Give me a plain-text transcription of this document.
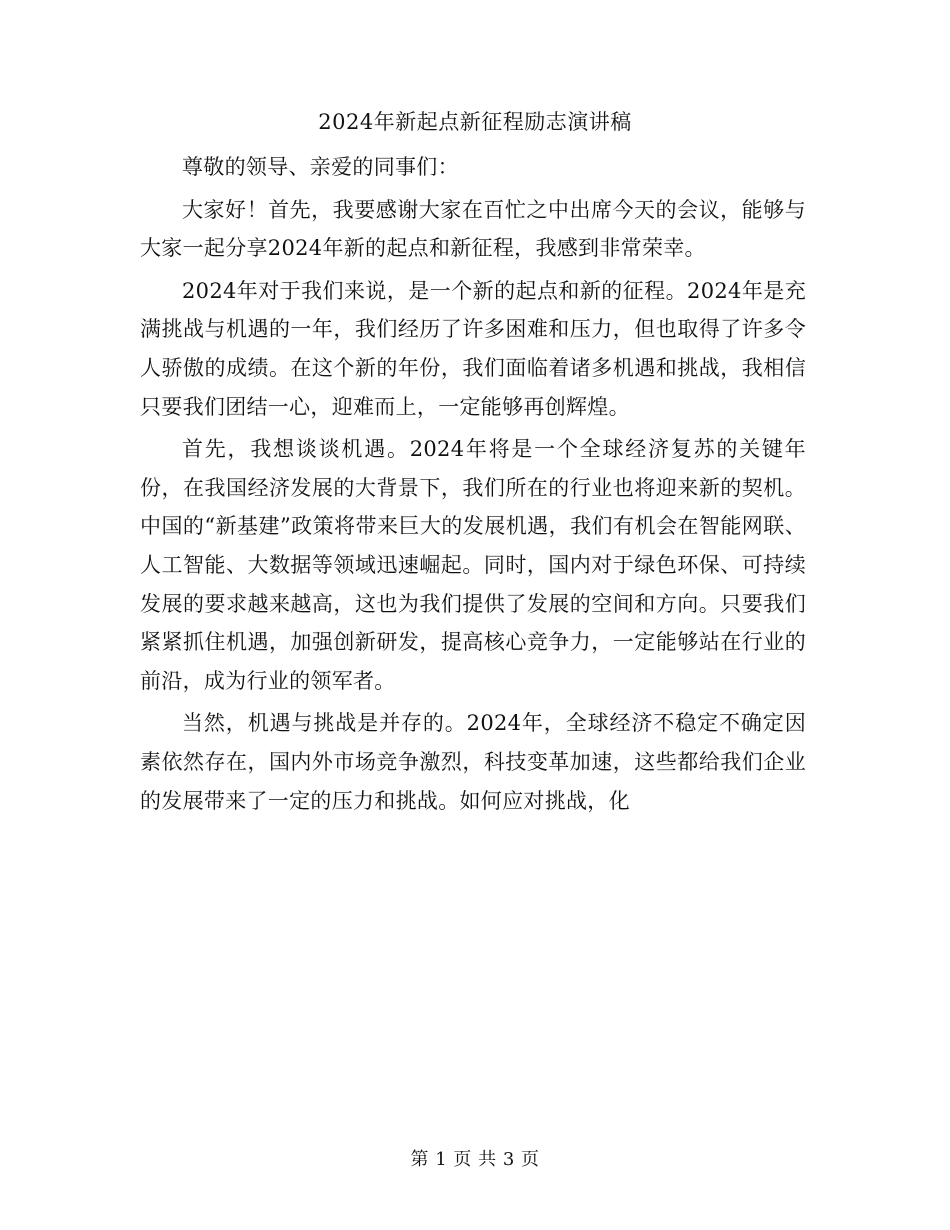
2024年新起点新征程励志演讲稿

尊敬的领导、亲爱的同事们：

大家好！首先，我要感谢大家在百忙之中出席今天的会议，能够与大家一起分享2024年新的起点和新征程，我感到非常荣幸。

2024年对于我们来说，是一个新的起点和新的征程。2024年是充满挑战与机遇的一年，我们经历了许多困难和压力，但也取得了许多令人骄傲的成绩。在这个新的年份，我们面临着诸多机遇和挑战，我相信只要我们团结一心，迎难而上，一定能够再创辉煌。

首先，我想谈谈机遇。2024年将是一个全球经济复苏的关键年份，在我国经济发展的大背景下，我们所在的行业也将迎来新的契机。中国的“新基建”政策将带来巨大的发展机遇，我们有机会在智能网联、人工智能、大数据等领域迅速崛起。同时，国内对于绿色环保、可持续发展的要求越来越高，这也为我们提供了发展的空间和方向。只要我们紧紧抓住机遇，加强创新研发，提高核心竞争力，一定能够站在行业的前沿，成为行业的领军者。

当然，机遇与挑战是并存的。2024年，全球经济不稳定不确定因素依然存在，国内外市场竞争激烈，科技变革加速，这些都给我们企业的发展带来了一定的压力和挑战。如何应对挑战，化

第 1 页 共 3 页
